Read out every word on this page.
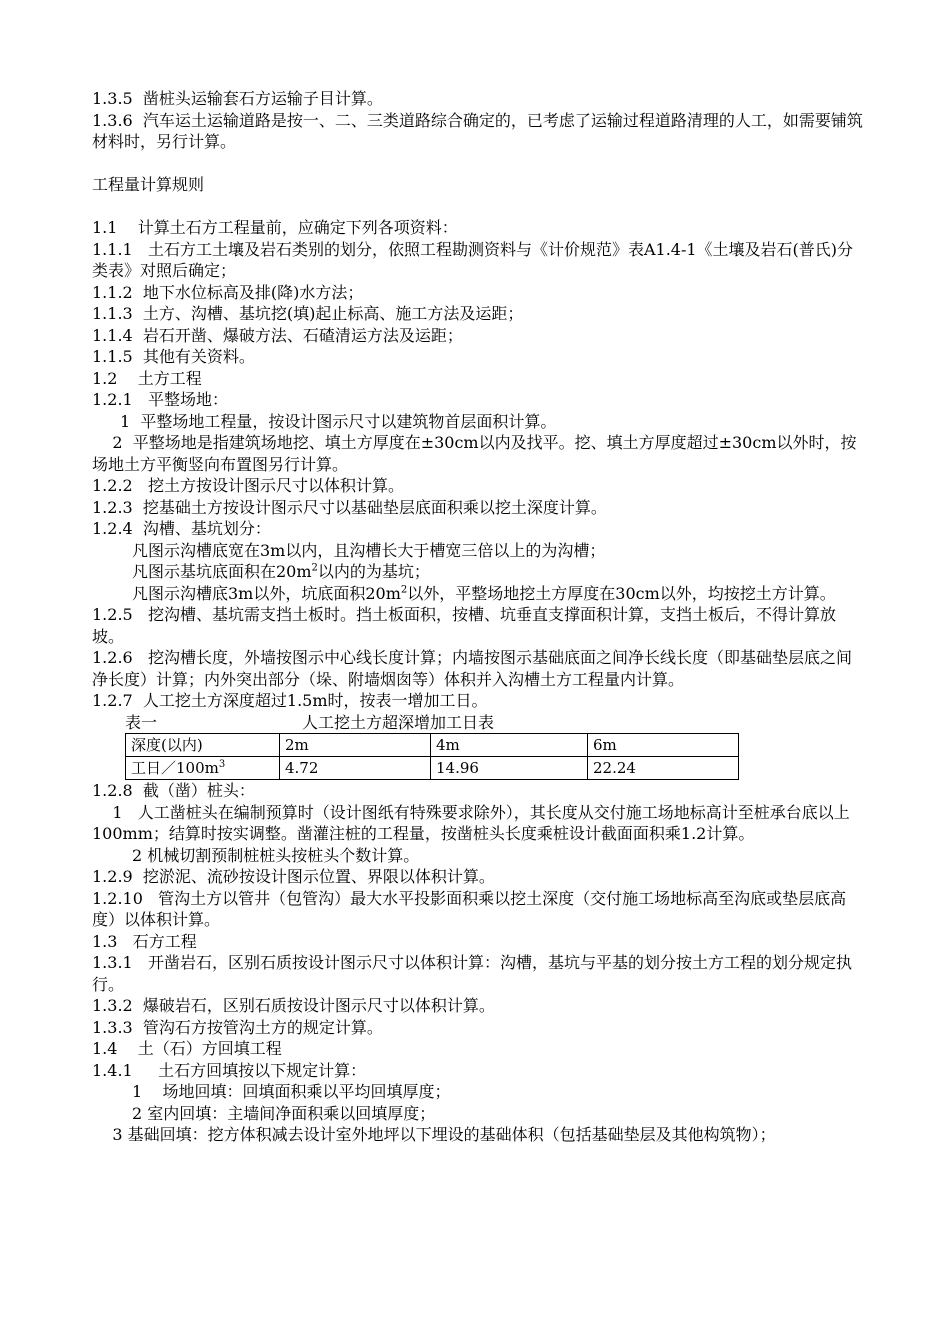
1.3.5  凿桩头运输套石方运输子目计算。

1.3.6  汽车运土运输道路是按一、二、三类道路综合确定的，已考虑了运输过程道路清理的人工，如需要铺筑材料时，另行计算。

工程量计算规则

1.1    计算土石方工程量前，应确定下列各项资料：

1.1.1   土石方工土壤及岩石类别的划分，依照工程勘测资料与《计价规范》表A1.4-1《土壤及岩石(普氏)分类表》对照后确定；

1.1.2  地下水位标高及排(降)水方法；

1.1.3  土方、沟槽、基坑挖(填)起止标高、施工方法及运距；

1.1.4  岩石开凿、爆破方法、石碴清运方法及运距；

1.1.5  其他有关资料。

1.2    土方工程

1.2.1   平整场地：

1  平整场地工程量，按设计图示尺寸以建筑物首层面积计算。

2  平整场地是指建筑场地挖、填土方厚度在±30cm以内及找平。挖、填土方厚度超过±30cm以外时，按场地土方平衡竖向布置图另行计算。

1.2.2   挖土方按设计图示尺寸以体积计算。

1.2.3  挖基础土方按设计图示尺寸以基础垫层底面积乘以挖土深度计算。

1.2.4  沟槽、基坑划分：

凡图示沟槽底宽在3m以内，且沟槽长大于槽宽三倍以上的为沟槽；

凡图示基坑底面积在$20m^2$以内的为基坑；

凡图示沟槽底3m以外，坑底面积$20m^2$以外，平整场地挖土方厚度在30cm以外，均按挖土方计算。

1.2.5   挖沟槽、基坑需支挡土板时。挡土板面积，按槽、坑垂直支撑面积计算，支挡土板后，不得计算放坡。

1.2.6   挖沟槽长度，外墙按图示中心线长度计算；内墙按图示基础底面之间净长线长度（即基础垫层底之间净长度）计算；内外突出部分（垛、附墙烟囱等）体积并入沟槽土方工程量内计算。

1.2.7  人工挖土方深度超过1.5m时，按表一增加工日。

表一	人工挖土方超深增加工日表
深度(以内)	2m	4m	6m
工日$/100m^3$	4.72	14.96	22.24

1.2.8  截（凿）桩头：

1   人工凿桩头在编制预算时（设计图纸有特殊要求除外），其长度从交付施工场地标高计至桩承台底以上100mm；结算时按实调整。凿灌注桩的工程量，按凿桩头长度乘桩设计截面面积乘1.2计算。

2 机械切割预制桩桩头按桩头个数计算。

1.2.9  挖淤泥、流砂按设计图示位置、界限以体积计算。

1.2.10   管沟土方以管井（包管沟）最大水平投影面积乘以挖土深度（交付施工场地标高至沟底或垫层底高度）以体积计算。

1.3   石方工程

1.3.1   开凿岩石，区别石质按设计图示尺寸以体积计算：沟槽，基坑与平基的划分按土方工程的划分规定执行。

1.3.2  爆破岩石，区别石质按设计图示尺寸以体积计算。

1.3.3  管沟石方按管沟土方的规定计算。

1.4    土（石）方回填工程

1.4.1     土石方回填按以下规定计算：

1    场地回填：回填面积乘以平均回填厚度；

2 室内回填：主墙间净面积乘以回填厚度；

3 基础回填：挖方体积减去设计室外地坪以下埋设的基础体积（包括基础垫层及其他构筑物）；
